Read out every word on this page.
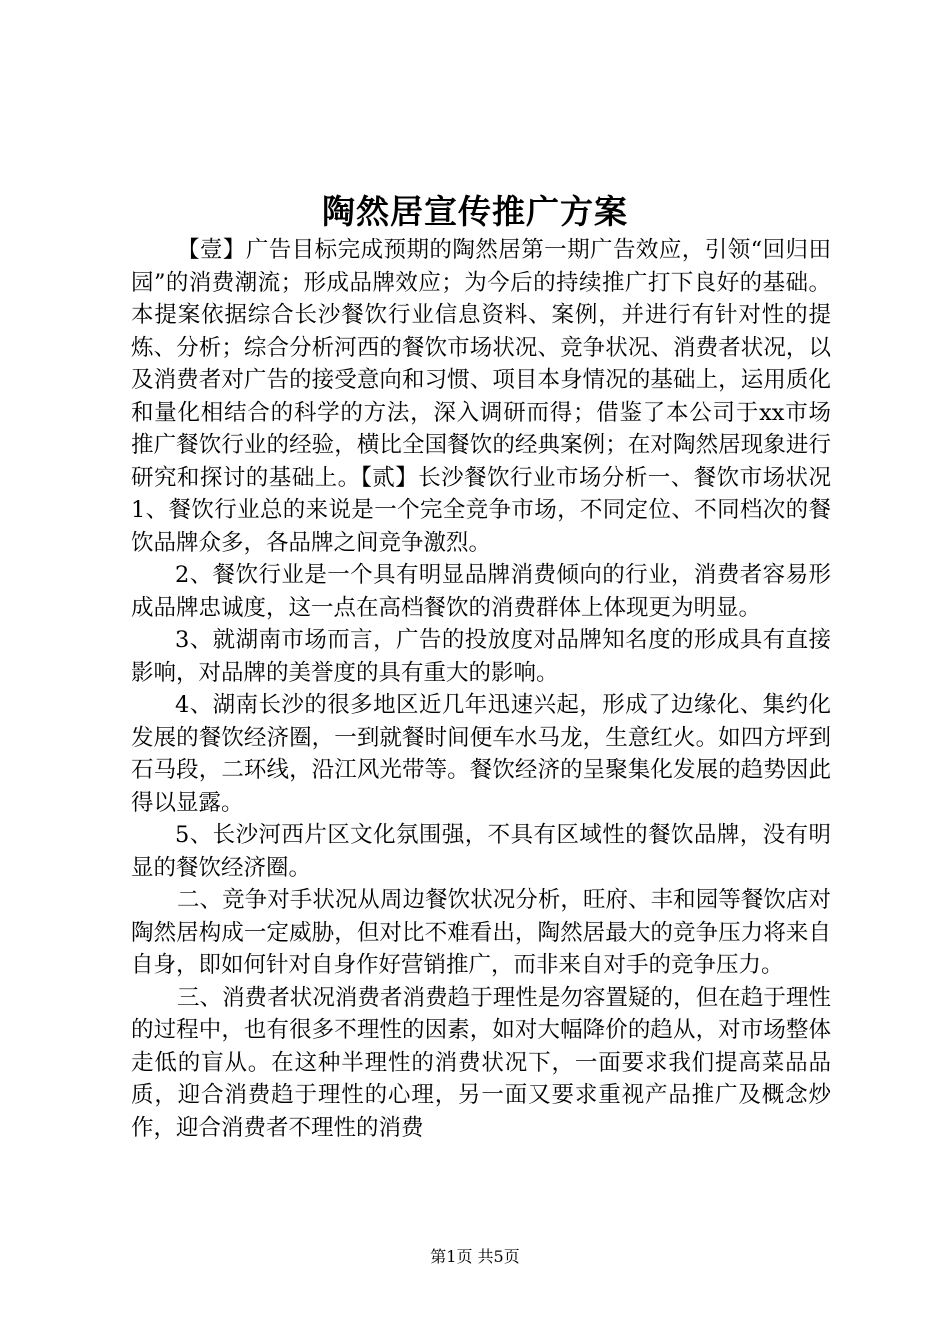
陶然居宣传推广方案

【壹】广告目标完成预期的陶然居第一期广告效应，引领“回归田园”的消费潮流；形成品牌效应；为今后的持续推广打下良好的基础。本提案依据综合长沙餐饮行业信息资料、案例，并进行有针对性的提炼、分析；综合分析河西的餐饮市场状况、竞争状况、消费者状况，以及消费者对广告的接受意向和习惯、项目本身情况的基础上，运用质化和量化相结合的科学的方法，深入调研而得；借鉴了本公司于xx市场推广餐饮行业的经验，横比全国餐饮的经典案例；在对陶然居现象进行研究和探讨的基础上。【贰】长沙餐饮行业市场分析一、餐饮市场状况1、餐饮行业总的来说是一个完全竞争市场，不同定位、不同档次的餐饮品牌众多，各品牌之间竞争激烈。

2、餐饮行业是一个具有明显品牌消费倾向的行业，消费者容易形成品牌忠诚度，这一点在高档餐饮的消费群体上体现更为明显。

3、就湖南市场而言，广告的投放度对品牌知名度的形成具有直接影响，对品牌的美誉度的具有重大的影响。

4、湖南长沙的很多地区近几年迅速兴起，形成了边缘化、集约化发展的餐饮经济圈，一到就餐时间便车水马龙，生意红火。如四方坪到石马段，二环线，沿江风光带等。餐饮经济的呈聚集化发展的趋势因此得以显露。

5、长沙河西片区文化氛围强，不具有区域性的餐饮品牌，没有明显的餐饮经济圈。

二、竞争对手状况从周边餐饮状况分析，旺府、丰和园等餐饮店对陶然居构成一定威胁，但对比不难看出，陶然居最大的竞争压力将来自自身，即如何针对自身作好营销推广，而非来自对手的竞争压力。

三、消费者状况消费者消费趋于理性是勿容置疑的，但在趋于理性的过程中，也有很多不理性的因素，如对大幅降价的趋从，对市场整体走低的盲从。在这种半理性的消费状况下，一面要求我们提高菜品品质，迎合消费趋于理性的心理，另一面又要求重视产品推广及概念炒作，迎合消费者不理性的消费

第1页 共5页
